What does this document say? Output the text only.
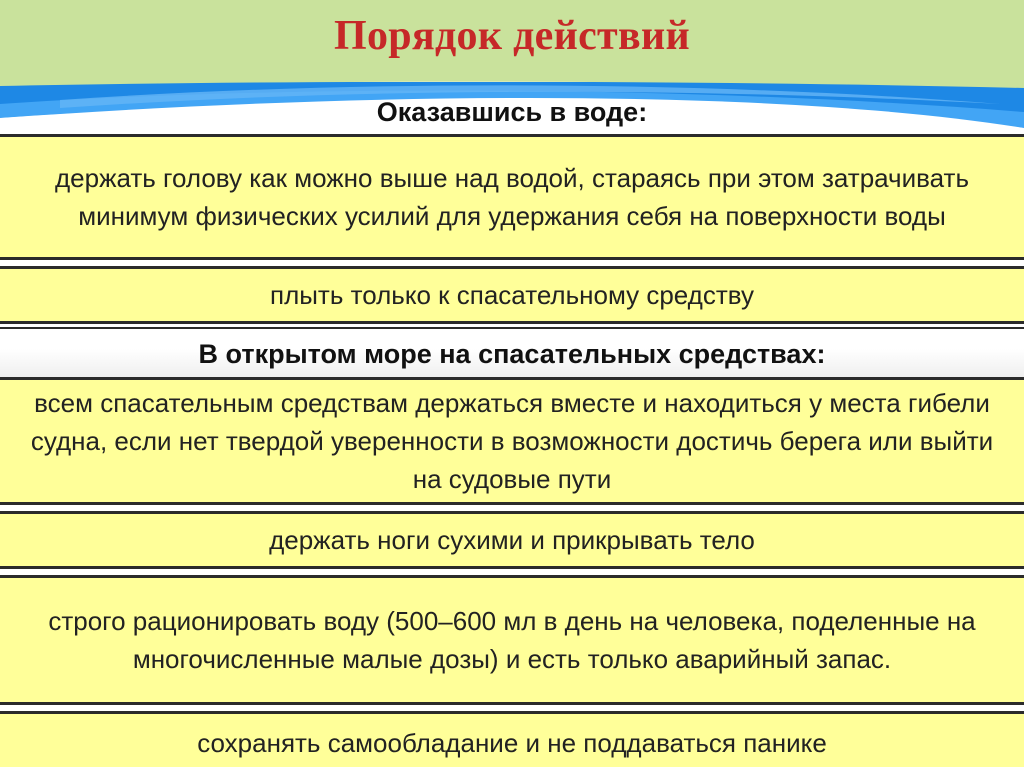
Порядок действий
Оказавшись в воде:
держать голову как можно выше над водой, стараясь при этом затрачивать минимум физических усилий для удержания себя на поверхности воды
плыть только к спасательному средству
В открытом море на спасательных средствах:
всем спасательным средствам держаться вместе и находиться у места гибели судна, если нет твердой уверенности в возможности достичь берега или выйти на судовые пути
держать ноги сухими и прикрывать тело
строго рационировать воду (500–600 мл в день на человека, поделенные на многочисленные малые дозы) и есть только аварийный запас.
сохранять самообладание и не поддаваться панике
